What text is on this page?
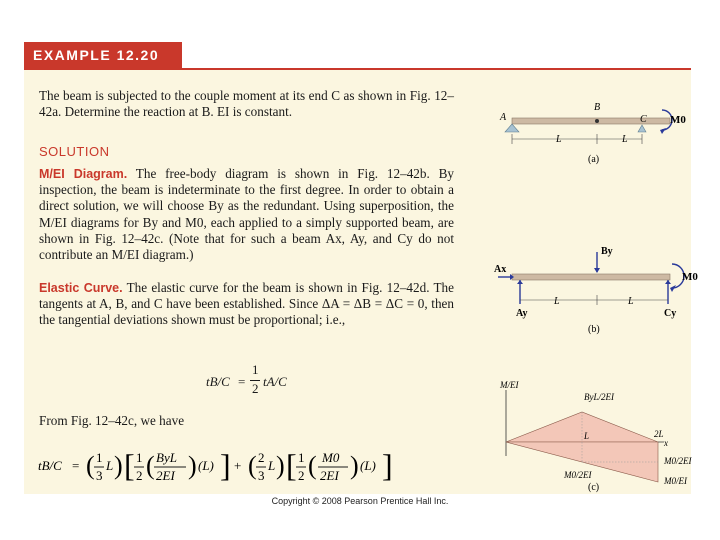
EXAMPLE 12.20
The beam is subjected to the couple moment at its end C as shown in Fig. 12–42a. Determine the reaction at B. EI is constant.
SOLUTION
M/EI Diagram. The free-body diagram is shown in Fig. 12–42b. By inspection, the beam is indeterminate to the first degree. In order to obtain a direct solution, we will choose By as the redundant. Using superposition, the M/EI diagrams for By and M0, each applied to a simply supported beam, are shown in Fig. 12–42c. (Note that for such a beam Ax, Ay, and Cy do not contribute an M/EI diagram.)
Elastic Curve. The elastic curve for the beam is shown in Fig. 12–42d. The tangents at A, B, and C have been established. Since ΔA = ΔB = ΔC = 0, then the tangential deviations shown must be proportional; i.e.,
tB/C =
1
2 tA/C
From Fig. 12–42c, we have
tB/C = ( 1
3
L ) [ 1
2 ( ByL
2EI ) (L) ] + ( 2
3
L ) [ 1
2 ( M0
2EI ) (L) ]
A
B
C M0
L	L
(a)
Ax
Ay
By
Cy
M0
L	L
(b)
M/EI
x
ByL/2EI
L	2L
M0/2EI
M0/EI
M0/2EI
(c)
Copyright © 2008 Pearson Prentice Hall Inc.
